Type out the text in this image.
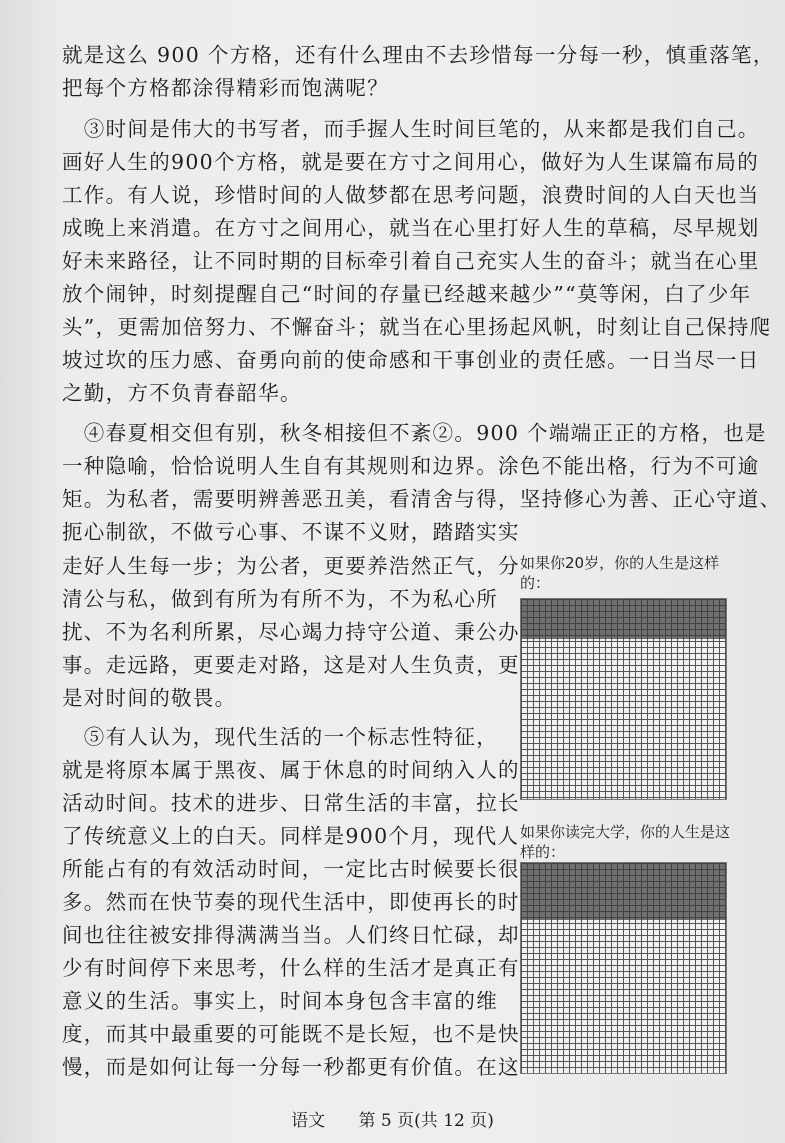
就是这么 900 个方格，还有什么理由不去珍惜每一分每一秒，慎重落笔，
把每个方格都涂得精彩而饱满呢？
　③时间是伟大的书写者，而手握人生时间巨笔的，从来都是我们自己。
画好人生的900个方格，就是要在方寸之间用心，做好为人生谋篇布局的
工作。有人说，珍惜时间的人做梦都在思考问题，浪费时间的人白天也当
成晚上来消遣。在方寸之间用心，就当在心里打好人生的草稿，尽早规划
好未来路径，让不同时期的目标牵引着自己充实人生的奋斗；就当在心里
放个闹钟，时刻提醒自己“时间的存量已经越来越少”“莫等闲，白了少年
头”，更需加倍努力、不懈奋斗；就当在心里扬起风帆，时刻让自己保持爬
坡过坎的压力感、奋勇向前的使命感和干事创业的责任感。一日当尽一日
之勤，方不负青春韶华。
　④春夏相交但有别，秋冬相接但不紊②。900 个端端正正的方格，也是
一种隐喻，恰恰说明人生自有其规则和边界。涂色不能出格，行为不可逾
矩。为私者，需要明辨善恶丑美，看清舍与得，坚持修心为善、正心守道、
扼心制欲，不做亏心事、不谋不义财，踏踏实实
走好人生每一步；为公者，更要养浩然正气，分
清公与私，做到有所为有所不为，不为私心所
扰、不为名利所累，尽心竭力持守公道、秉公办
事。走远路，更要走对路，这是对人生负责，更
是对时间的敬畏。
　⑤有人认为，现代生活的一个标志性特征，
就是将原本属于黑夜、属于休息的时间纳入人的
活动时间。技术的进步、日常生活的丰富，拉长
了传统意义上的白天。同样是900个月，现代人
所能占有的有效活动时间，一定比古时候要长很
多。然而在快节奏的现代生活中，即使再长的时
间也往往被安排得满满当当。人们终日忙碌，却
少有时间停下来思考，什么样的生活才是真正有
意义的生活。事实上，时间本身包含丰富的维
度，而其中最重要的可能既不是长短，也不是快
慢，而是如何让每一分每一秒都更有价值。在这
如果你20岁，你的人生是这样的：
如果你读完大学，你的人生是这样的：
语文 第 5 页(共 12 页)
